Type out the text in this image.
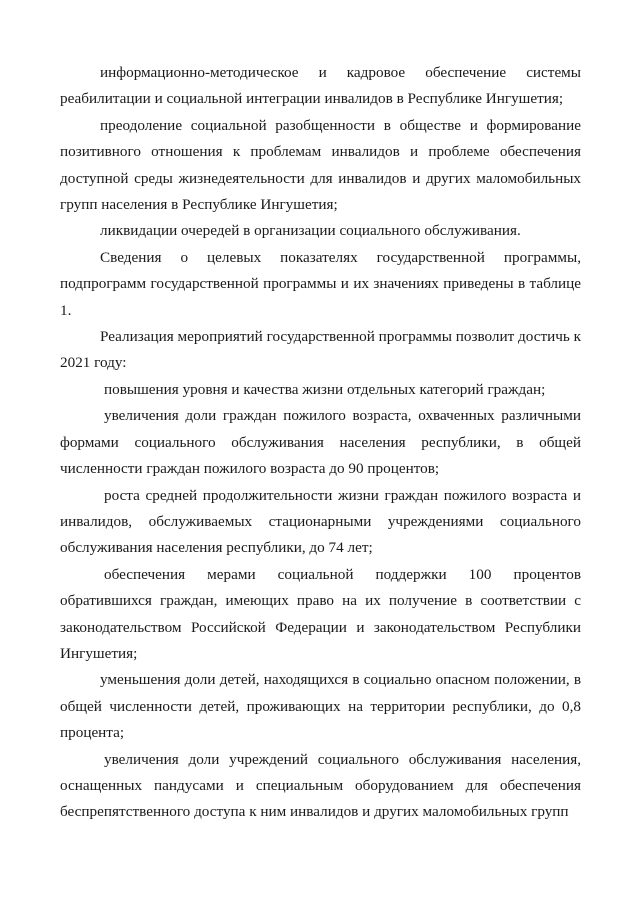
информационно-методическое и кадровое обеспечение системы реабилитации и социальной интеграции инвалидов в Республике Ингушетия;

преодоление социальной разобщенности в обществе и формирование позитивного отношения к проблемам инвалидов и проблеме обеспечения доступной среды жизнедеятельности для инвалидов и других маломобильных групп населения в Республике Ингушетия;

ликвидации очередей в организации социального обслуживания.

Сведения о целевых показателях государственной программы, подпрограмм государственной программы и их значениях приведены в таблице 1.

Реализация мероприятий государственной программы позволит достичь к 2021 году:

повышения уровня и качества жизни отдельных категорий граждан;

увеличения доли граждан пожилого возраста, охваченных различными формами социального обслуживания населения республики, в общей численности граждан пожилого возраста до 90 процентов;

роста средней продолжительности жизни граждан пожилого возраста и инвалидов, обслуживаемых стационарными учреждениями социального обслуживания населения республики, до 74 лет;

обеспечения мерами социальной поддержки 100 процентов обратившихся граждан, имеющих право на их получение в соответствии с законодательством Российской Федерации и законодательством Республики Ингушетия;

уменьшения доли детей, находящихся в социально опасном положении, в общей численности детей, проживающих на территории республики, до 0,8 процента;

увеличения доли учреждений социального обслуживания населения, оснащенных пандусами и специальным оборудованием для обеспечения беспрепятственного доступа к ним инвалидов и других маломобильных групп
